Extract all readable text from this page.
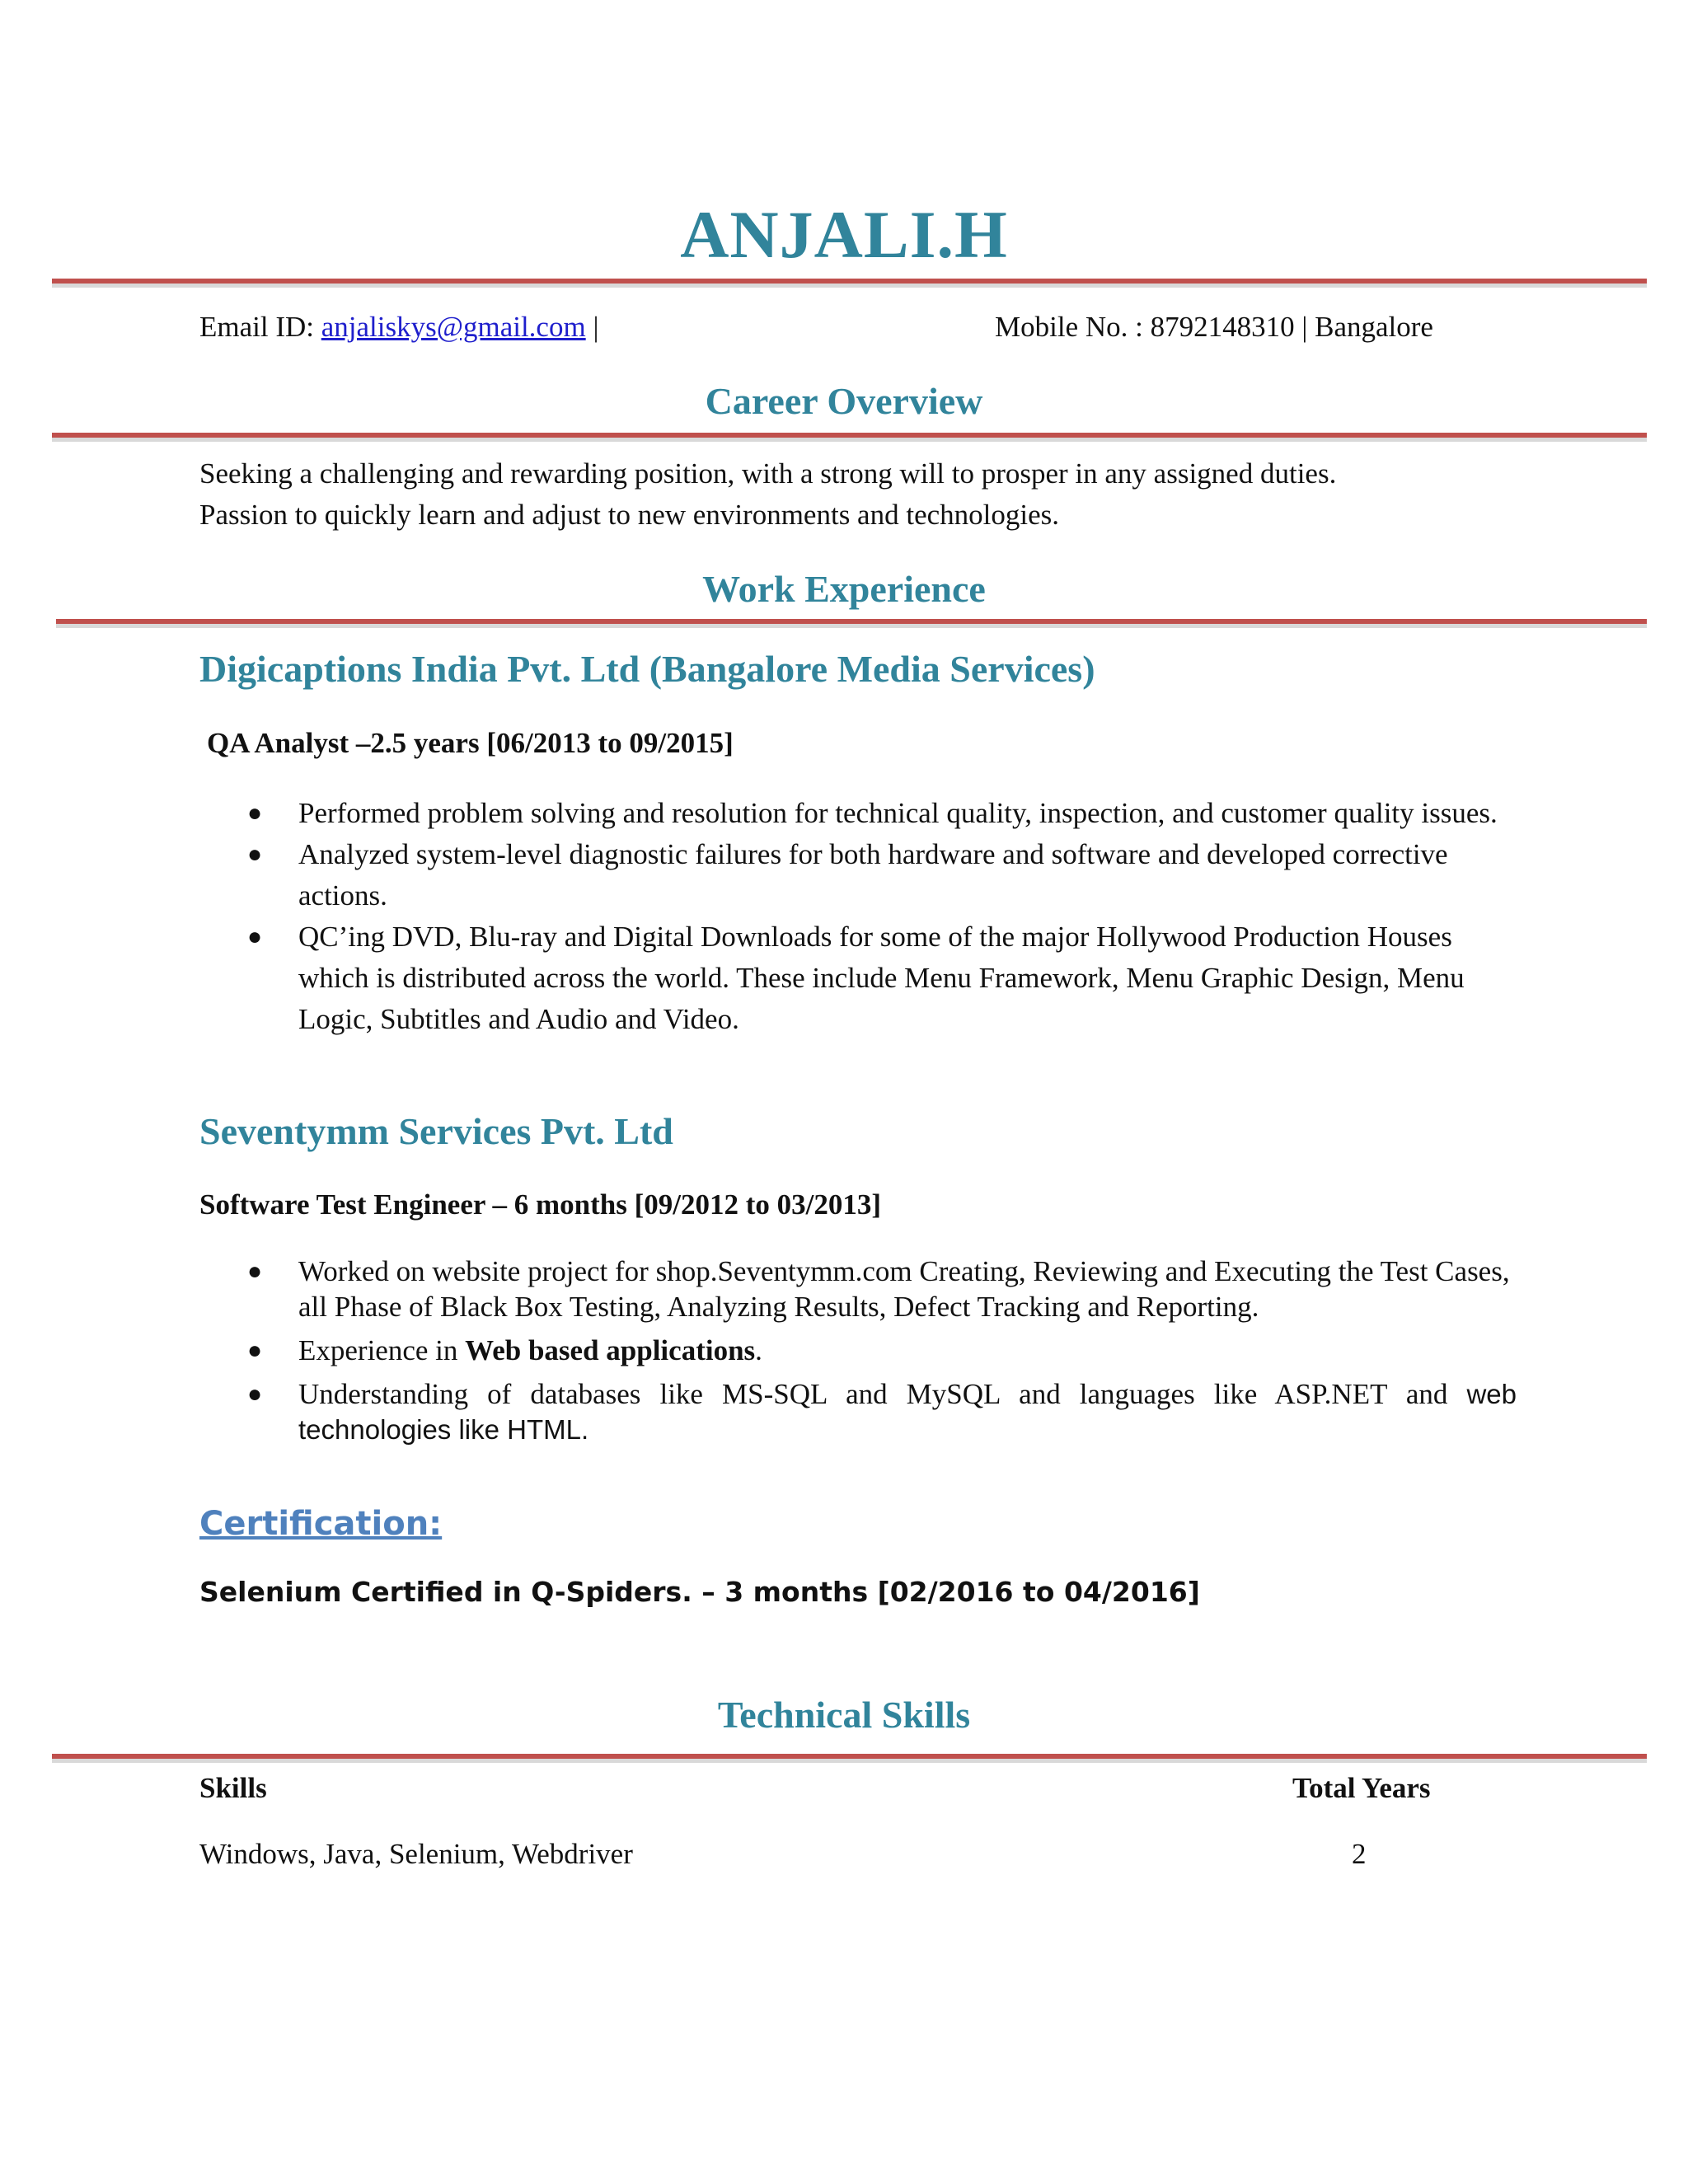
ANJALI.H
Email ID: anjaliskys@gmail.com |	Mobile No. : 8792148310 | Bangalore
Career Overview
Seeking a challenging and rewarding position, with a strong will to prosper in any assigned duties.
Passion to quickly learn and adjust to new environments and technologies.
Work Experience
Digicaptions India Pvt. Ltd (Bangalore Media Services)
QA Analyst –2.5 years [06/2013 to 09/2015]
● Performed problem solving and resolution for technical quality, inspection, and customer quality issues.
● Analyzed system-level diagnostic failures for both hardware and software and developed corrective actions.
● QC’ing DVD, Blu-ray and Digital Downloads for some of the major Hollywood Production Houses which is distributed across the world. These include Menu Framework, Menu Graphic Design, Menu Logic, Subtitles and Audio and Video.
Seventymm Services Pvt. Ltd
Software Test Engineer – 6 months [09/2012 to 03/2013]
● Worked on website project for shop.Seventymm.com Creating, Reviewing and Executing the Test Cases, all Phase of Black Box Testing, Analyzing Results, Defect Tracking and Reporting.
● Experience in Web based applications.
● Understanding of databases like MS-SQL and MySQL and languages like ASP.NET and web technologies like HTML.
Certification:
Selenium Certified in Q-Spiders. – 3 months [02/2016 to 04/2016]
Technical Skills
Skills	Total Years
Windows, Java, Selenium, Webdriver	2
